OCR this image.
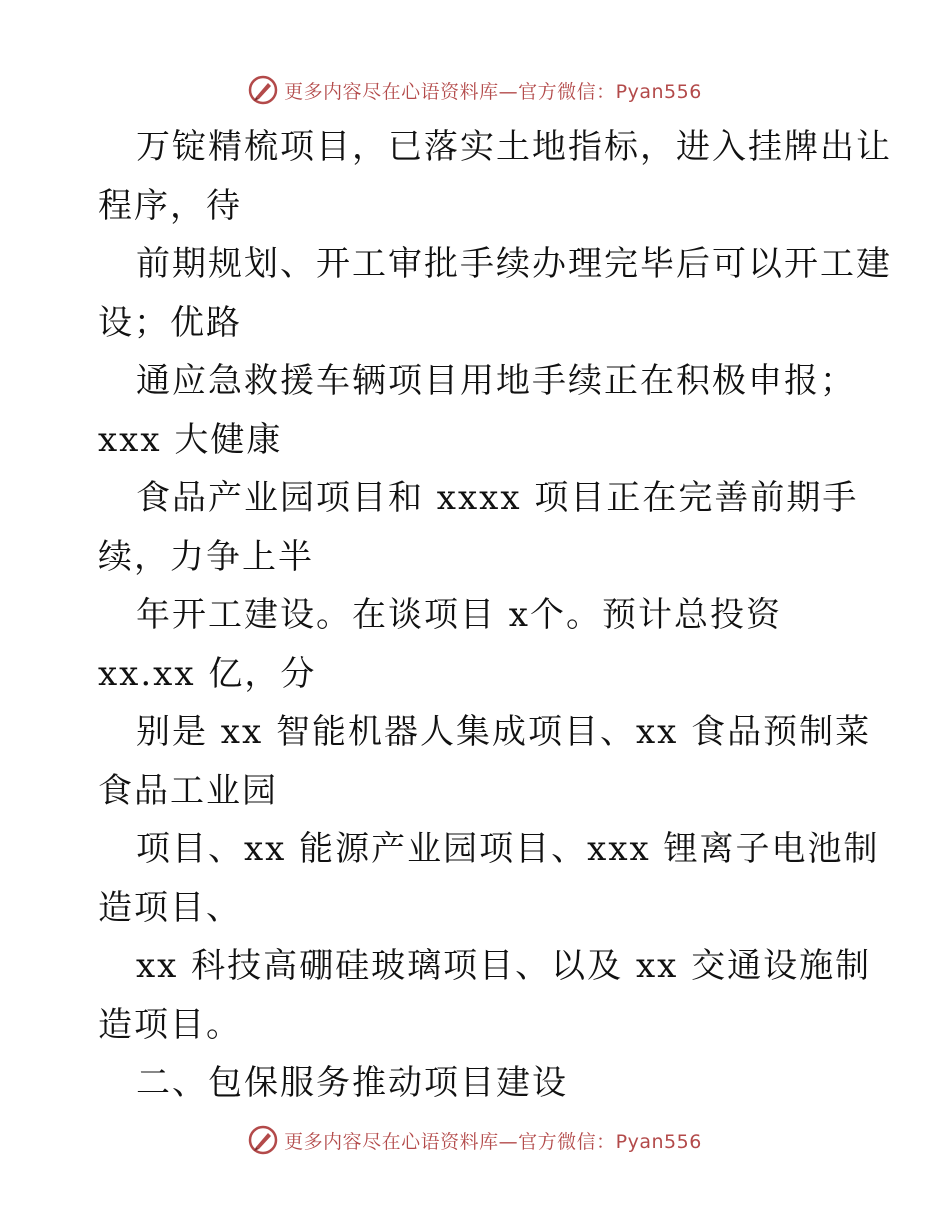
更多内容尽在心语资料库—官方微信：Pyan556

万锭精梳项目，已落实土地指标，进入挂牌出让

程序，待

前期规划、开工审批手续办理完毕后可以开工建

设；优路

通应急救援车辆项目用地手续正在积极申报；

xxx 大健康

食品产业园项目和 xxxx 项目正在完善前期手

续，力争上半

年开工建设。在谈项目 x个。预计总投资

xx.xx 亿，分

别是 xx 智能机器人集成项目、xx 食品预制菜

食品工业园

项目、xx 能源产业园项目、xxx 锂离子电池制

造项目、

xx 科技高硼硅玻璃项目、以及 xx 交通设施制

造项目。

二、包保服务推动项目建设

更多内容尽在心语资料库—官方微信：Pyan556
